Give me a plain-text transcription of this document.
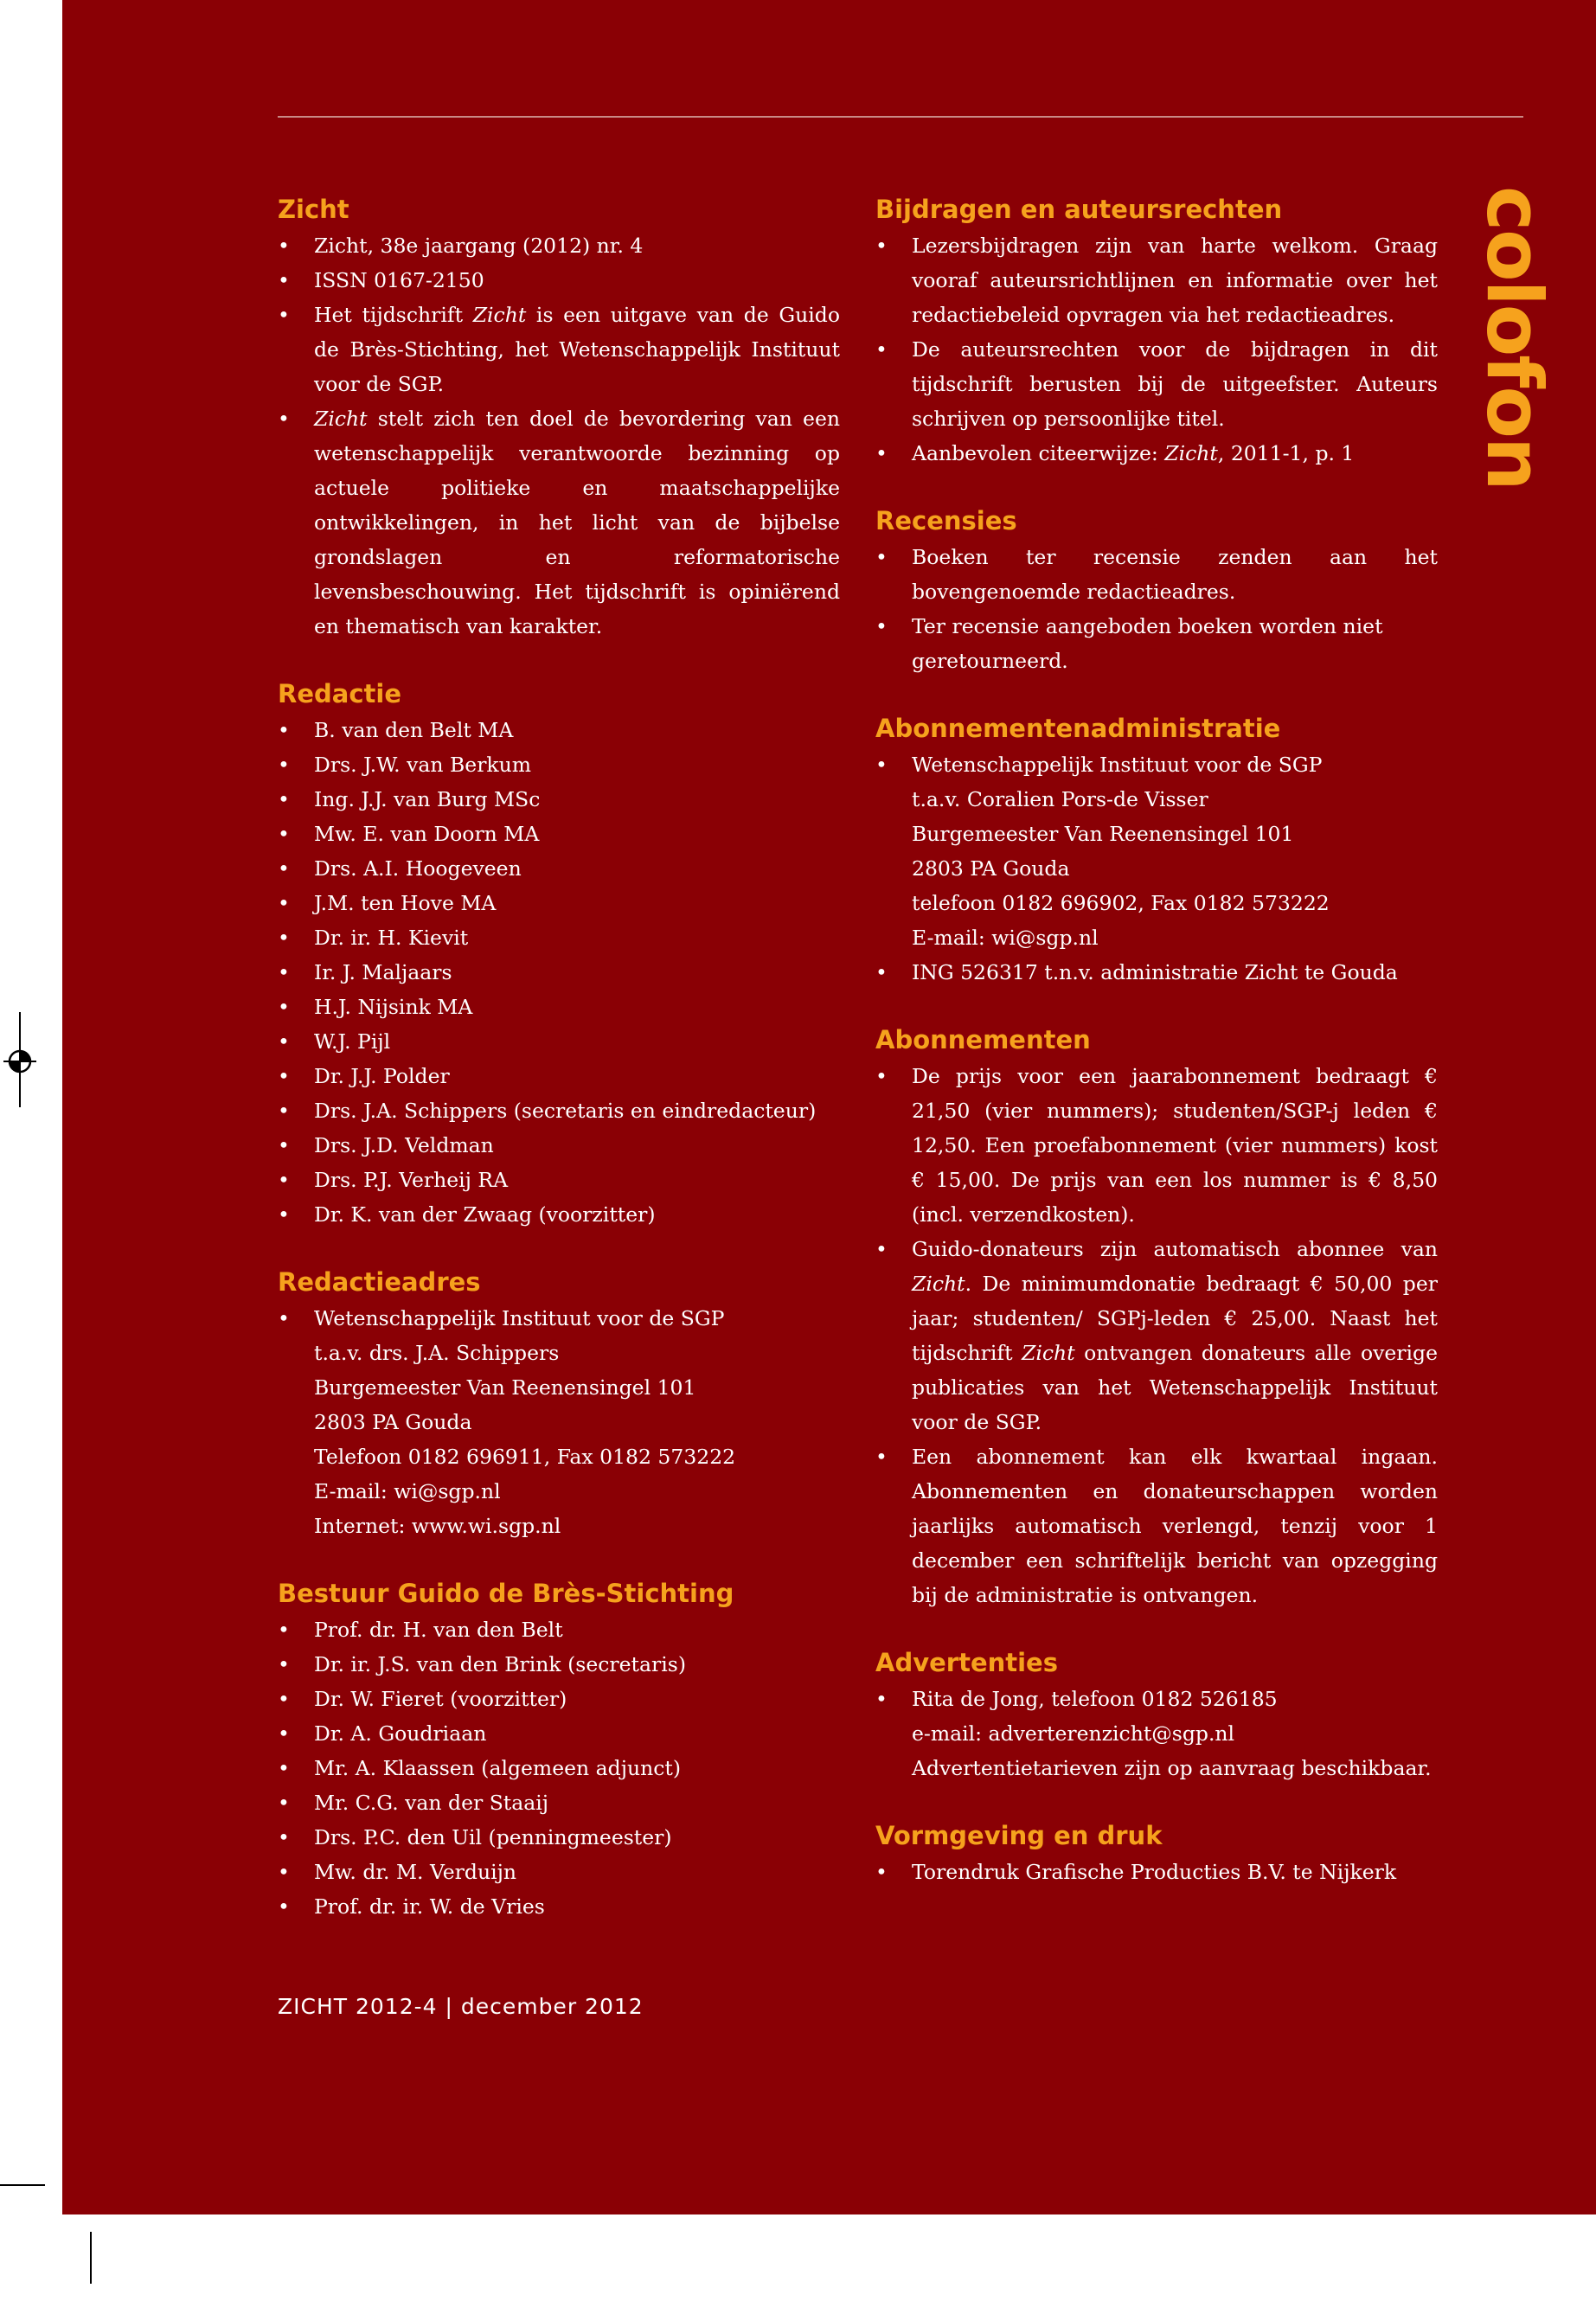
Zicht

• Zicht, 38e jaargang (2012) nr. 4

• ISSN 0167-2150

• Het tijdschrift Zicht is een uitgave van de Guido de Brès-Stichting, het Wetenschappelijk Instituut voor de SGP.

• Zicht stelt zich ten doel de bevordering van een wetenschappelijk verantwoorde bezinning op actuele politieke en maatschappelijke ontwikkelingen, in het licht van de bijbelse grondslagen en reformatorische levensbeschouwing. Het tijdschrift is opiniërend en thematisch van karakter.

Redactie

• B. van den Belt MA

• Drs. J.W. van Berkum

• Ing. J.J. van Burg MSc

• Mw. E. van Doorn MA

• Drs. A.I. Hoogeveen

• J.M. ten Hove MA

• Dr. ir. H. Kievit

• Ir. J. Maljaars

• H.J. Nijsink MA

• W.J. Pijl

• Dr. J.J. Polder

• Drs. J.A. Schippers (secretaris en eindredacteur)

• Drs. J.D. Veldman

• Drs. P.J. Verheij RA

• Dr. K. van der Zwaag (voorzitter)

Redactieadres

• Wetenschappelijk Instituut voor de SGP
t.a.v. drs. J.A. Schippers
Burgemeester Van Reenensingel 101
2803 PA Gouda
Telefoon 0182 696911, Fax 0182 573222
E-mail: wi@sgp.nl
Internet: www.wi.sgp.nl

Bestuur Guido de Brès-Stichting

• Prof. dr. H. van den Belt

• Dr. ir. J.S. van den Brink (secretaris)

• Dr. W. Fieret (voorzitter)

• Dr. A. Goudriaan

• Mr. A. Klaassen (algemeen adjunct)

• Mr. C.G. van der Staaij

• Drs. P.C. den Uil (penningmeester)

• Mw. dr. M. Verduijn

• Prof. dr. ir. W. de Vries

Bijdragen en auteursrechten

• Lezersbijdragen zijn van harte welkom. Graag vooraf auteursrichtlijnen en informatie over het redactiebeleid opvragen via het redactieadres.

• De auteursrechten voor de bijdragen in dit tijdschrift berusten bij de uitgeefster. Auteurs schrijven op persoonlijke titel.

• Aanbevolen citeerwijze: Zicht, 2011-1, p. 1

Recensies

• Boeken ter recensie zenden aan het bovengenoemde redactieadres.

• Ter recensie aangeboden boeken worden niet geretourneerd.

Abonnementenadministratie

• Wetenschappelijk Instituut voor de SGP
t.a.v. Coralien Pors-de Visser
Burgemeester Van Reenensingel 101
2803 PA Gouda
telefoon 0182 696902, Fax 0182 573222
E-mail: wi@sgp.nl

• ING 526317 t.n.v. administratie Zicht te Gouda

Abonnementen

• De prijs voor een jaarabonnement bedraagt € 21,50 (vier nummers); studenten/SGP-j leden € 12,50. Een proefabonnement (vier nummers) kost € 15,00. De prijs van een los nummer is € 8,50 (incl. verzendkosten).

• Guido-donateurs zijn automatisch abonnee van Zicht. De minimumdonatie bedraagt € 50,00 per jaar; studenten/ SGPj-leden € 25,00. Naast het tijdschrift Zicht ontvangen donateurs alle overige publicaties van het Wetenschappelijk Instituut voor de SGP.

• Een abonnement kan elk kwartaal ingaan. Abonnementen en donateurschappen worden jaarlijks automatisch verlengd, tenzij voor 1 december een schriftelijk bericht van opzegging bij de administratie is ontvangen.

Advertenties

• Rita de Jong, telefoon 0182 526185
e-mail: adverterenzicht@sgp.nl
Advertentietarieven zijn op aanvraag beschikbaar.

Vormgeving en druk

• Torendruk Grafische Producties B.V. te Nijkerk

colofon
ZICHT 2012-4 | december 2012
